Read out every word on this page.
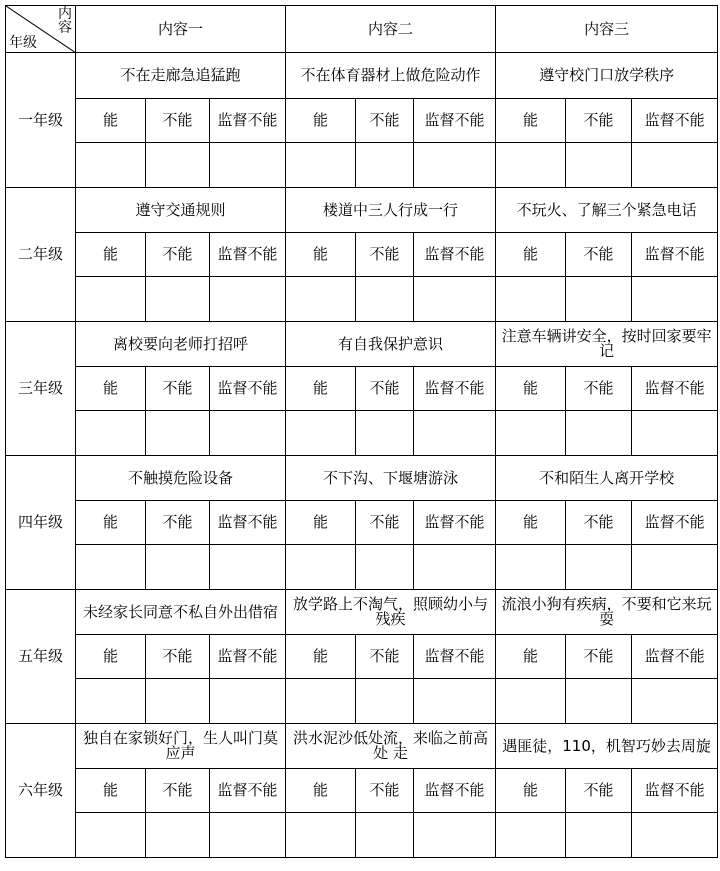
内
容
年级	内容一			内容二			内容三		
一年级	不在走廊急追猛跑			不在体育器材上做危险动作			遵守校门口放学秩序		
	能	不能	监督不能	能	不能	监督不能	能	不能	监督不能

二年级	遵守交通规则			楼道中三人行成一行			不玩火、了解三个紧急电话		
	能	不能	监督不能	能	不能	监督不能	能	不能	监督不能

三年级	离校要向老师打招呼			有自我保护意识			注意车辆讲安全，按时回家要牢记		
	能	不能	监督不能	能	不能	监督不能	能	不能	监督不能

四年级	不触摸危险设备			不下沟、下堰塘游泳			不和陌生人离开学校		
	能	不能	监督不能	能	不能	监督不能	能	不能	监督不能

五年级	未经家长同意不私自外出借宿			放学路上不淘气，照顾幼小与残疾			流浪小狗有疾病，不要和它来玩耍		
	能	不能	监督不能	能	不能	监督不能	能	不能	监督不能

六年级	独自在家锁好门，生人叫门莫应声			洪水泥沙低处流，来临之前高处 走			遇匪徒，110，机智巧妙去周旋		
	能	不能	监督不能	能	不能	监督不能	能	不能	监督不能
